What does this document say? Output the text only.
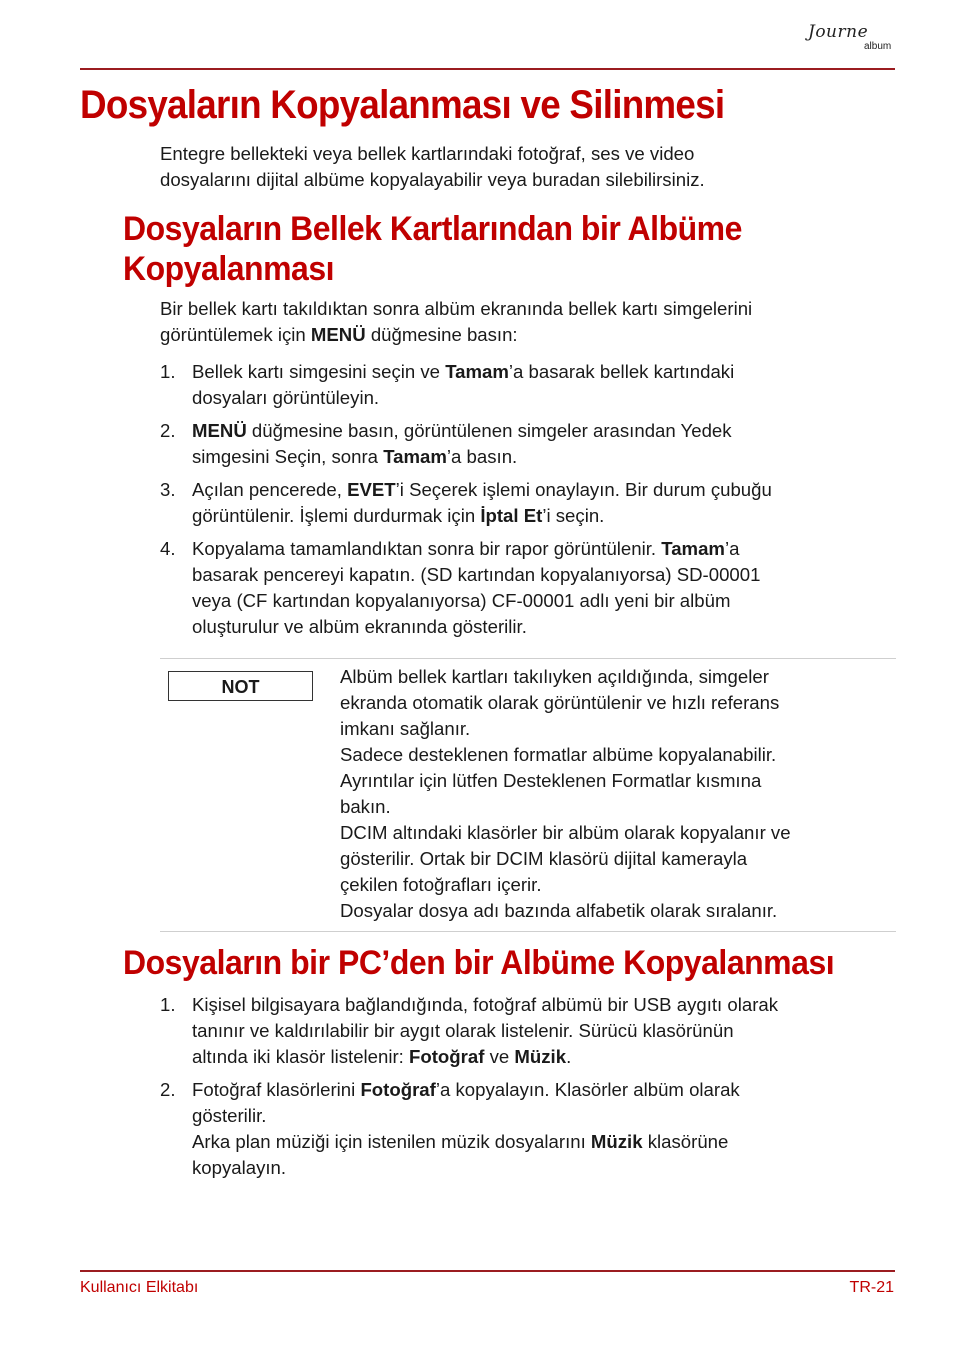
Journe
album
Dosyaların Kopyalanması ve Silinmesi

Entegre bellekteki veya bellek kartlarındaki fotoğraf, ses ve video
dosyalarını dijital albüme kopyalayabilir veya buradan silebilirsiniz.

Dosyaların Bellek Kartlarından bir Albüme
Kopyalanması

Bir bellek kartı takıldıktan sonra albüm ekranında bellek kartı simgelerini
görüntülemek için MENÜ düğmesine basın:

1. Bellek kartı simgesini seçin ve Tamam’a basarak bellek kartındaki
dosyaları görüntüleyin.
2. MENÜ düğmesine basın, görüntülenen simgeler arasından Yedek
simgesini Seçin, sonra Tamam’a basın.
3. Açılan pencerede, EVET’i Seçerek işlemi onaylayın. Bir durum çubuğu
görüntülenir. İşlemi durdurmak için İptal Et’i seçin.
4. Kopyalama tamamlandıktan sonra bir rapor görüntülenir. Tamam’a
basarak pencereyi kapatın. (SD kartından kopyalanıyorsa) SD-00001
veya (CF kartından kopyalanıyorsa) CF-00001 adlı yeni bir albüm
oluşturulur ve albüm ekranında gösterilir.
NOT	Albüm bellek kartları takılıyken açıldığında, simgeler
ekranda otomatik olarak görüntülenir ve hızlı referans
imkanı sağlanır.
Sadece desteklenen formatlar albüme kopyalanabilir.
Ayrıntılar için lütfen Desteklenen Formatlar kısmına
bakın.
DCIM altındaki klasörler bir albüm olarak kopyalanır ve
gösterilir. Ortak bir DCIM klasörü dijital kamerayla
çekilen fotoğrafları içerir.
Dosyalar dosya adı bazında alfabetik olarak sıralanır.

Dosyaların bir PC’den bir Albüme Kopyalanması
1. Kişisel bilgisayara bağlandığında, fotoğraf albümü bir USB aygıtı olarak
tanınır ve kaldırılabilir bir aygıt olarak listelenir. Sürücü klasörünün
altında iki klasör listelenir: Fotoğraf ve Müzik.
2. Fotoğraf klasörlerini Fotoğraf’a kopyalayın. Klasörler albüm olarak
gösterilir.
Arka plan müziği için istenilen müzik dosyalarını Müzik klasörüne
kopyalayın.
Kullanıcı Elkitabı	TR-21
